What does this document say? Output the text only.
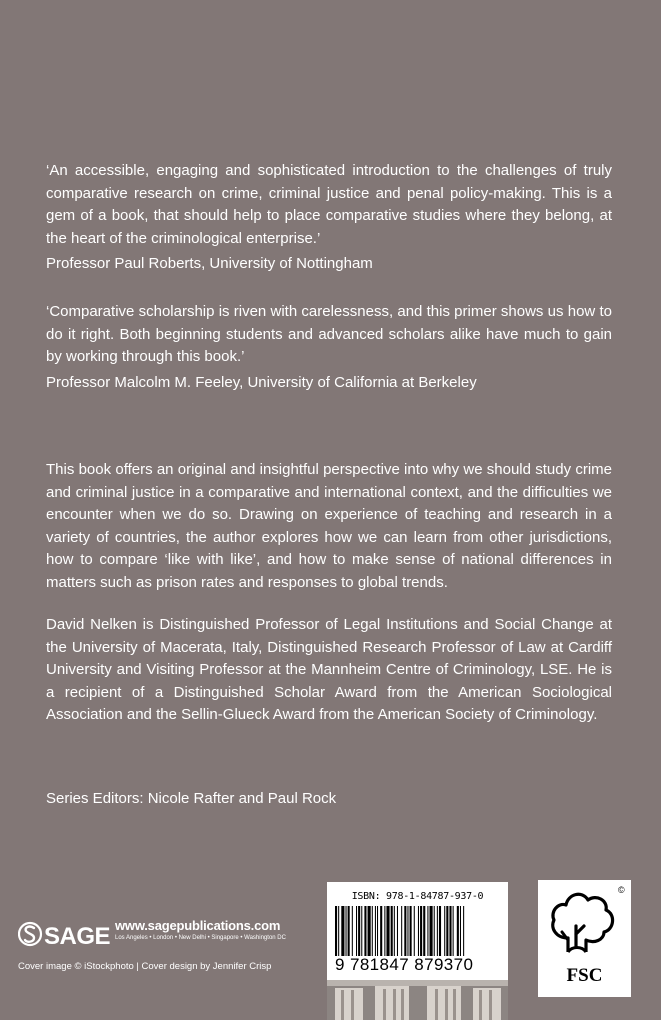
‘An accessible, engaging and sophisticated introduction to the challenges of truly comparative research on crime, criminal justice and penal policy-making. This is a gem of a book, that should help to place comparative studies where they belong, at the heart of the criminological enterprise.’

Professor Paul Roberts, University of Nottingham

‘Comparative scholarship is riven with carelessness, and this primer shows us how to do it right. Both beginning students and advanced scholars alike have much to gain by working through this book.’

Professor Malcolm M. Feeley, University of California at Berkeley

This book offers an original and insightful perspective into why we should study crime and criminal justice in a comparative and international context, and the difficulties we encounter when we do so. Drawing on experience of teaching and research in a variety of countries, the author explores how we can learn from other jurisdictions, how to compare ‘like with like’, and how to make sense of national differences in matters such as prison rates and responses to global trends.

David Nelken is Distinguished Professor of Legal Institutions and Social Change at the University of Macerata, Italy, Distinguished Research Professor of Law at Cardiff University and Visiting Professor at the Mannheim Centre of Criminology, LSE. He is a recipient of a Distinguished Scholar Award from the American Sociological Association and the Sellin-Glueck Award from the American Society of Criminology.

Series Editors: Nicole Rafter and Paul Rock

SAGE www.sagepublications.com
Los Angeles • London • New Delhi • Singapore • Washington DC
Cover image © iStockphoto | Cover design by Jennifer Crisp
ISBN: 978-1-84787-937-0
9 781847 879370
©
FSC
